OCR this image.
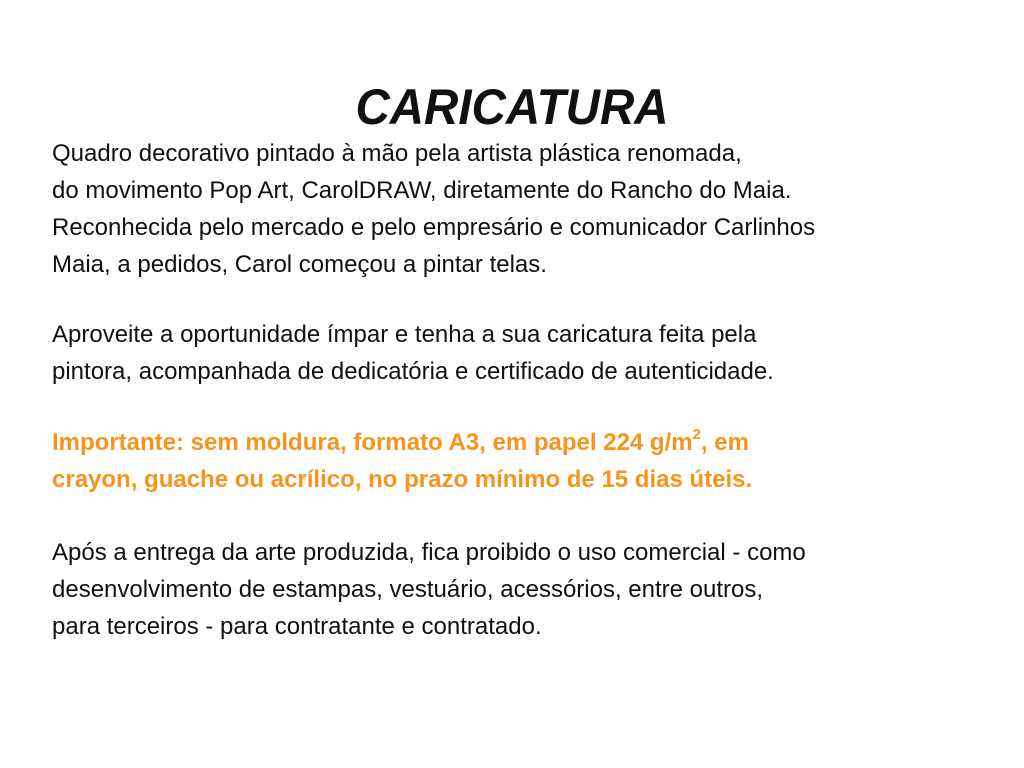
CARICATURA
Quadro decorativo pintado à mão pela artista plástica renomada,
do movimento Pop Art, CarolDRAW, diretamente do Rancho do Maia.
Reconhecida pelo mercado e pelo empresário e comunicador Carlinhos
Maia, a pedidos, Carol começou a pintar telas.
Aproveite a oportunidade ímpar e tenha a sua caricatura feita pela
pintora, acompanhada de dedicatória e certificado de autenticidade.
Importante: sem moldura, formato A3, em papel 224 $g/m^2$, em
crayon, guache ou acrílico, no prazo mínimo de 15 dias úteis.
Após a entrega da arte produzida, fica proibido o uso comercial - como
desenvolvimento de estampas, vestuário, acessórios, entre outros,
para terceiros - para contratante e contratado.
